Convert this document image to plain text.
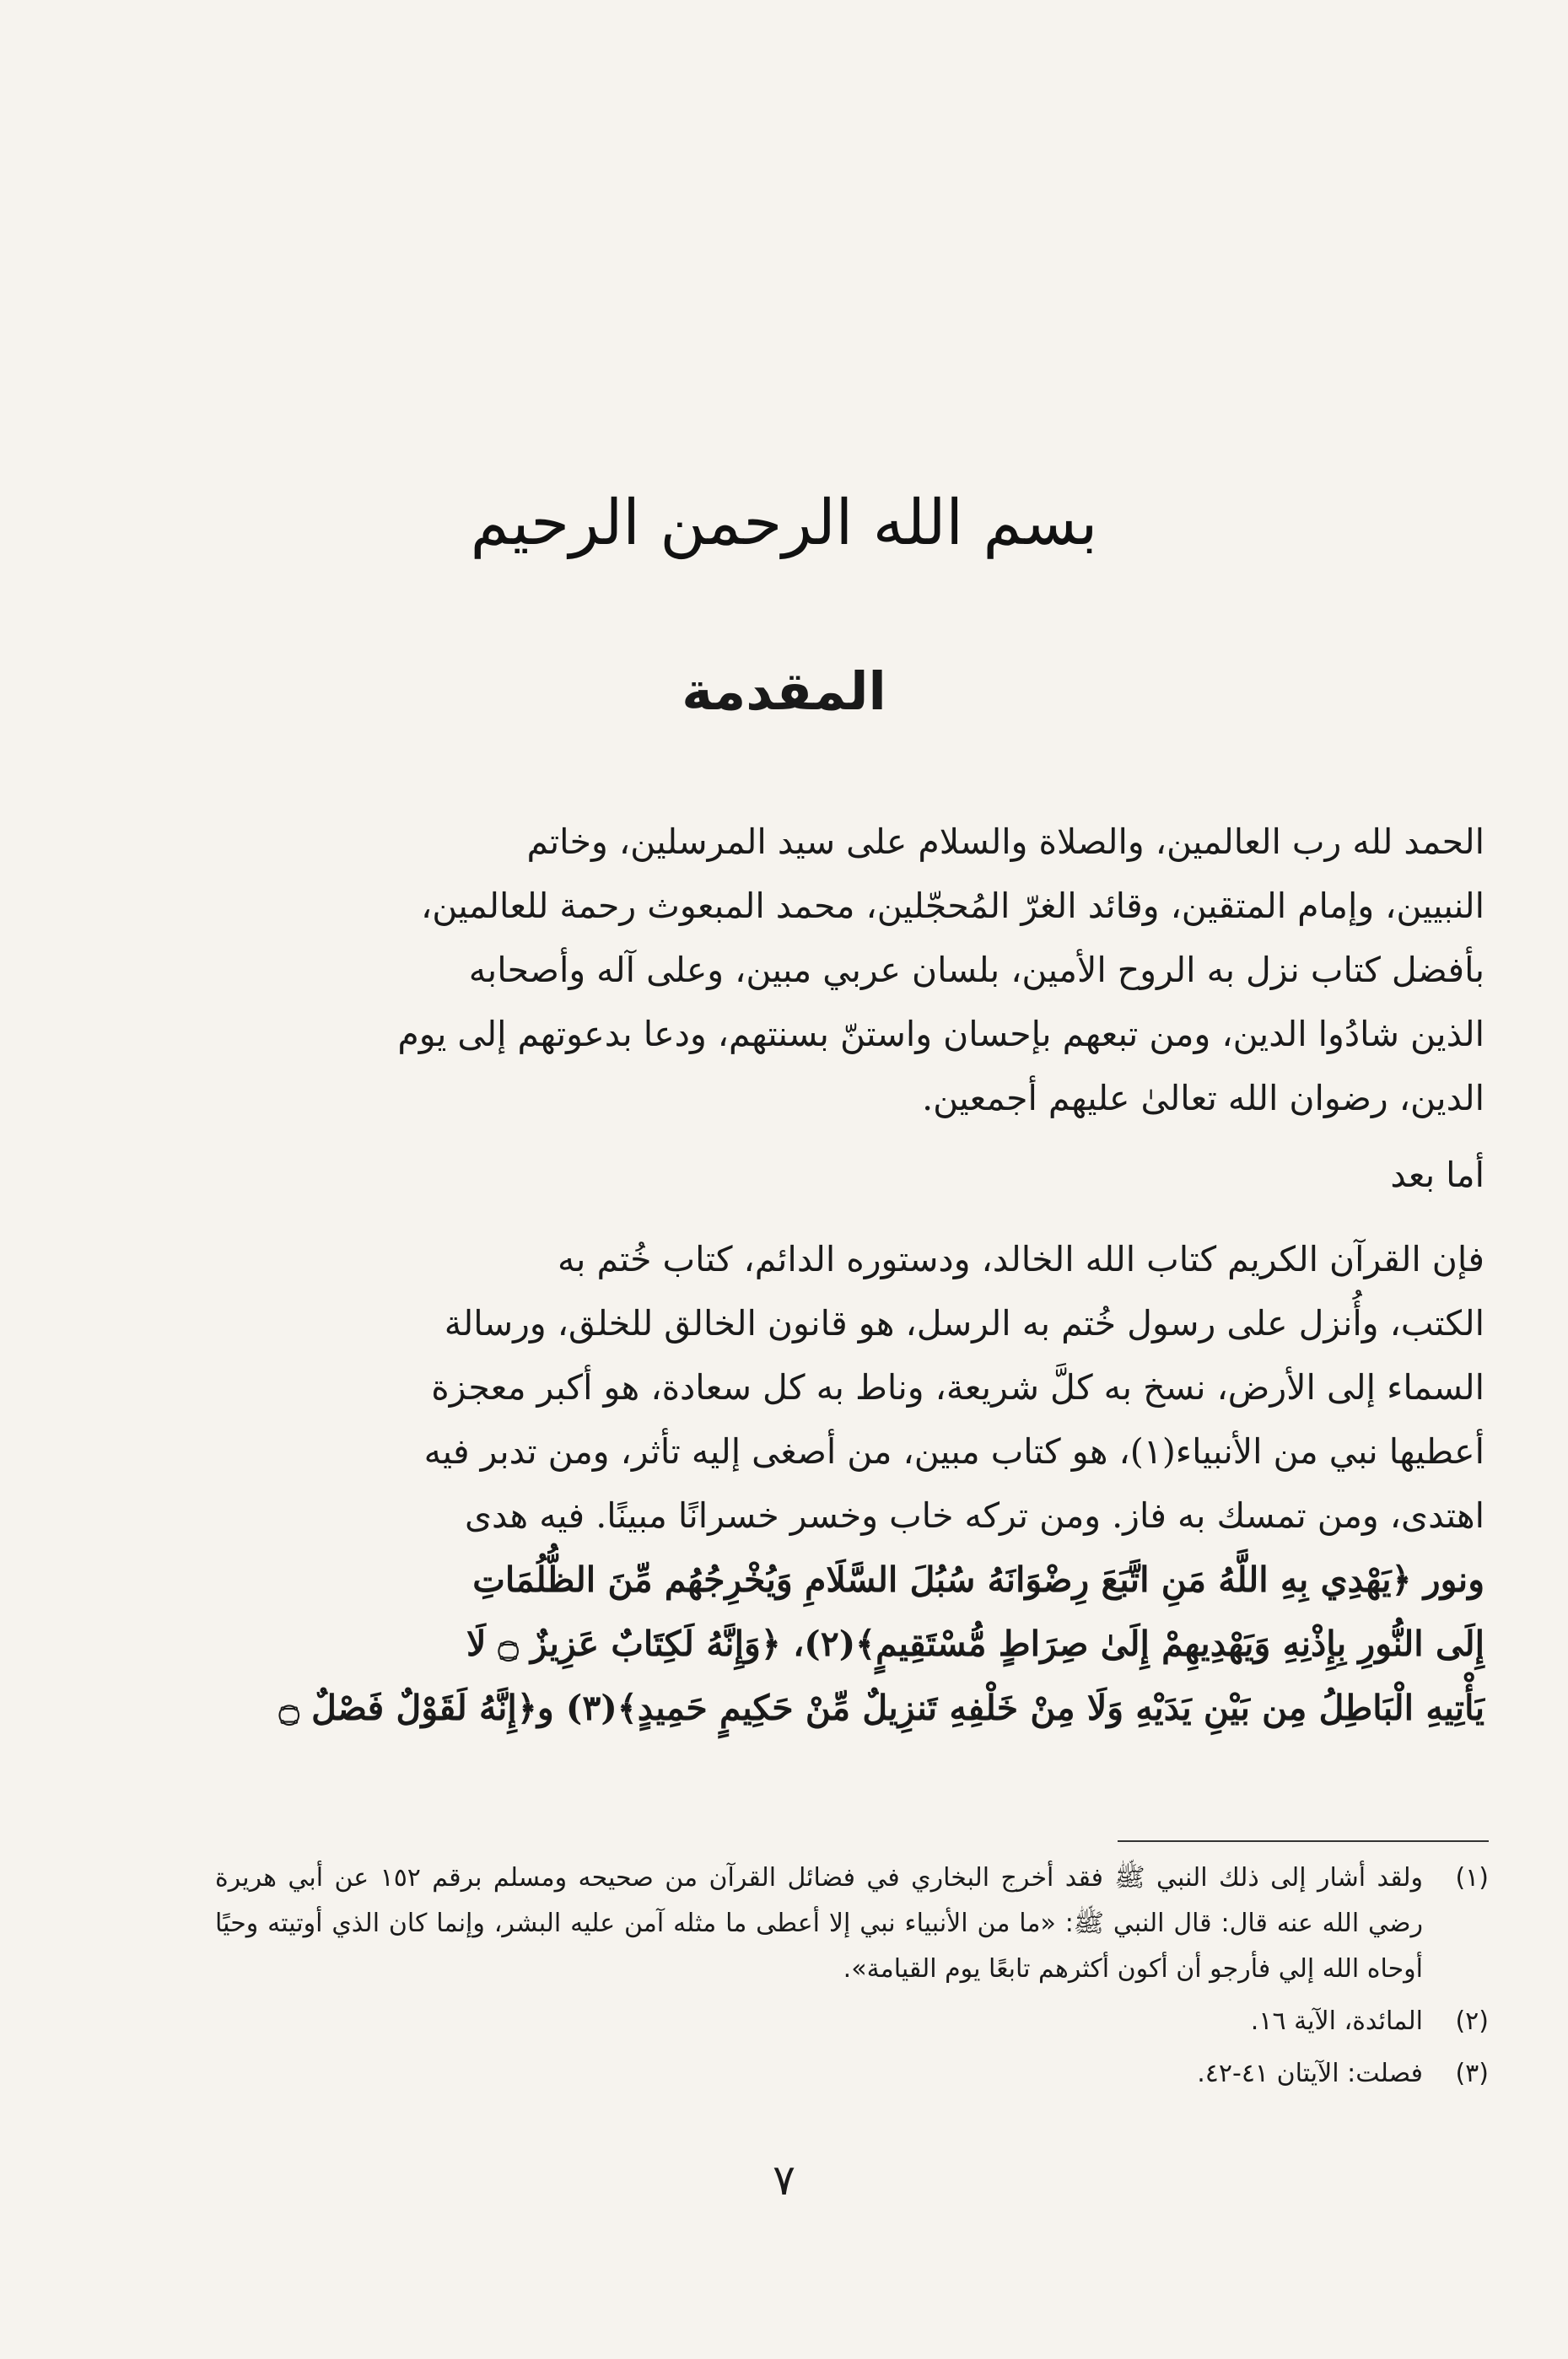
بسم الله الرحمن الرحيم
المقدمة
الحمد لله رب العالمين، والصلاة والسلام على سيد المرسلين، وخاتم
النبيين، وإمام المتقين، وقائد الغرّ المُحجّلين، محمد المبعوث رحمة للعالمين،
بأفضل كتاب نزل به الروح الأمين، بلسان عربي مبين، وعلى آله وأصحابه
الذين شادُوا الدين، ومن تبعهم بإحسان واستنّ بسنتهم، ودعا بدعوتهم إلى يوم
الدين، رضوان الله تعالىٰ عليهم أجمعين.
أما بعد
فإن القرآن الكريم كتاب الله الخالد، ودستوره الدائم، كتاب خُتم به
الكتب، وأُنزل على رسول خُتم به الرسل، هو قانون الخالق للخلق، ورسالة
السماء إلى الأرض، نسخ به كلَّ شريعة، وناط به كل سعادة، هو أكبر معجزة
أعطيها نبي من الأنبياء(١)، هو كتاب مبين، من أصغى إليه تأثر، ومن تدبر فيه
اهتدى، ومن تمسك به فاز. ومن تركه خاب وخسر خسرانًا مبينًا. فيه هدى
ونور ﴿يَهْدِي بِهِ اللَّهُ مَنِ اتَّبَعَ رِضْوَانَهُ سُبُلَ السَّلَامِ وَيُخْرِجُهُم مِّنَ الظُّلُمَاتِ
إِلَى النُّورِ بِإِذْنِهِ وَيَهْدِيهِمْ إِلَىٰ صِرَاطٍ مُّسْتَقِيمٍ﴾(٢)، ﴿وَإِنَّهُ لَكِتَابٌ عَزِيزٌ ۝ لَا
يَأْتِيهِ الْبَاطِلُ مِن بَيْنِ يَدَيْهِ وَلَا مِنْ خَلْفِهِ تَنزِيلٌ مِّنْ حَكِيمٍ حَمِيدٍ﴾(٣) و﴿إِنَّهُ لَقَوْلٌ فَصْلٌ ۝
(١)
ولقد أشار إلى ذلك النبي ﷺ فقد أخرج البخاري في فضائل القرآن من صحيحه ومسلم برقم ١٥٢ عن أبي هريرة رضي الله عنه قال: قال النبي ﷺ: «ما من الأنبياء نبي إلا أعطى ما مثله آمن عليه البشر، وإنما كان الذي أوتيته وحيًا أوحاه الله إلي فأرجو أن أكون أكثرهم تابعًا يوم القيامة».
(٢)
المائدة، الآية ١٦.
(٣)
فصلت: الآيتان ٤١-٤٢.
٧
